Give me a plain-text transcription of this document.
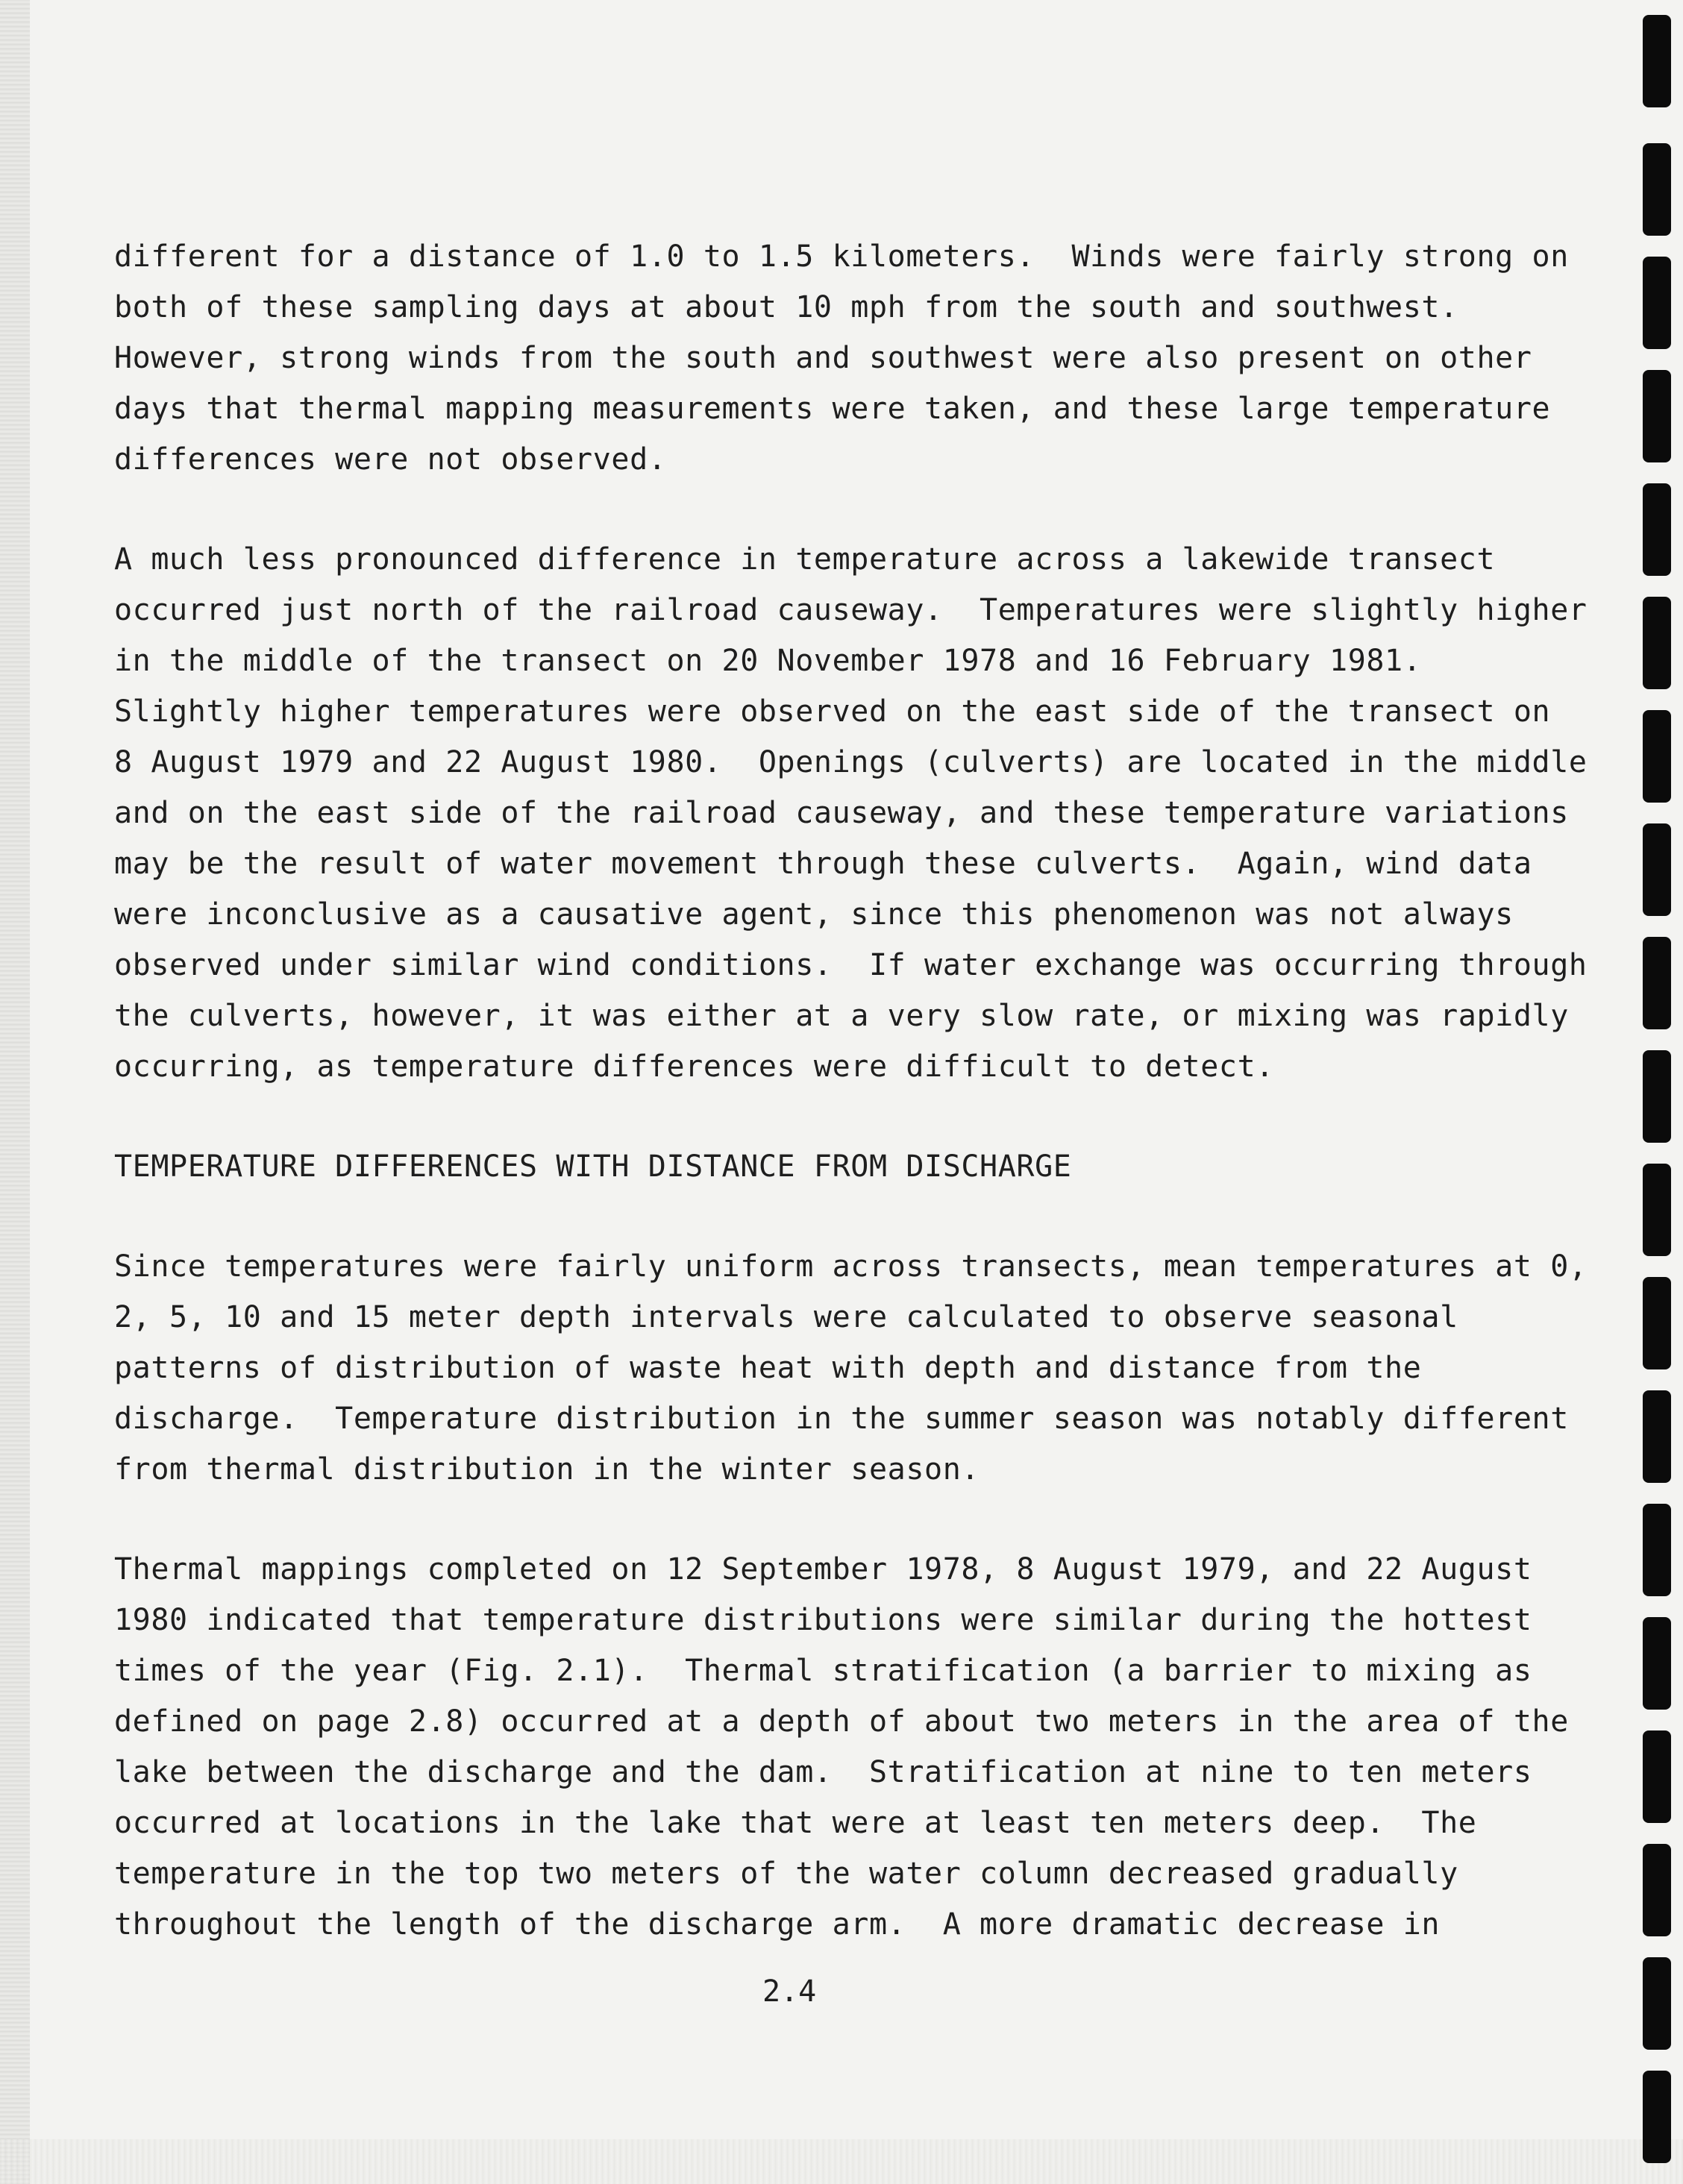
different for a distance of 1.0 to 1.5 kilometers.  Winds were fairly strong on
both of these sampling days at about 10 mph from the south and southwest.
However, strong winds from the south and southwest were also present on other
days that thermal mapping measurements were taken, and these large temperature
differences were not observed.
A much less pronounced difference in temperature across a lakewide transect
occurred just north of the railroad causeway.  Temperatures were slightly higher
in the middle of the transect on 20 November 1978 and 16 February 1981.
Slightly higher temperatures were observed on the east side of the transect on
8 August 1979 and 22 August 1980.  Openings (culverts) are located in the middle
and on the east side of the railroad causeway, and these temperature variations
may be the result of water movement through these culverts.  Again, wind data
were inconclusive as a causative agent, since this phenomenon was not always
observed under similar wind conditions.  If water exchange was occurring through
the culverts, however, it was either at a very slow rate, or mixing was rapidly
occurring, as temperature differences were difficult to detect.
TEMPERATURE DIFFERENCES WITH DISTANCE FROM DISCHARGE
Since temperatures were fairly uniform across transects, mean temperatures at 0,
2, 5, 10 and 15 meter depth intervals were calculated to observe seasonal
patterns of distribution of waste heat with depth and distance from the
discharge.  Temperature distribution in the summer season was notably different
from thermal distribution in the winter season.
Thermal mappings completed on 12 September 1978, 8 August 1979, and 22 August
1980 indicated that temperature distributions were similar during the hottest
times of the year (Fig. 2.1).  Thermal stratification (a barrier to mixing as
defined on page 2.8) occurred at a depth of about two meters in the area of the
lake between the discharge and the dam.  Stratification at nine to ten meters
occurred at locations in the lake that were at least ten meters deep.  The
temperature in the top two meters of the water column decreased gradually
throughout the length of the discharge arm.  A more dramatic decrease in
2.4
